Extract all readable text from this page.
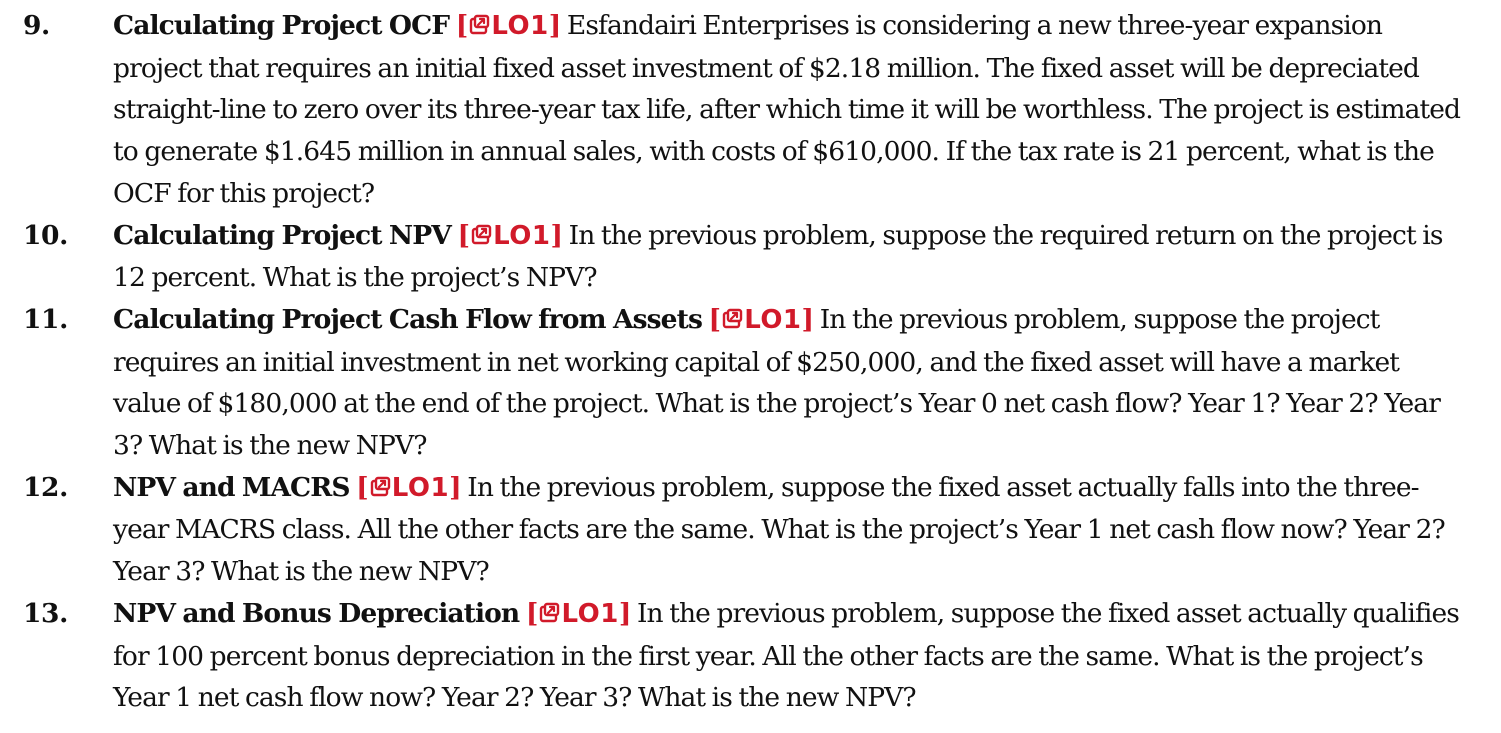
9. Calculating Project OCF [ LO1] Esfandairi Enterprises is considering a new three-year expansion project that requires an initial fixed asset investment of $2.18 million. The fixed asset will be depreciated straight-line to zero over its three-year tax life, after which time it will be worthless. The project is estimated to generate $1.645 million in annual sales, with costs of $610,000. If the tax rate is 21 percent, what is the OCF for this project?
10. Calculating Project NPV [ LO1] In the previous problem, suppose the required return on the project is 12 percent. What is the project’s NPV?
11. Calculating Project Cash Flow from Assets [ LO1] In the previous problem, suppose the project requires an initial investment in net working capital of $250,000, and the fixed asset will have a market value of $180,000 at the end of the project. What is the project’s Year 0 net cash flow? Year 1? Year 2? Year 3? What is the new NPV?
12. NPV and MACRS [ LO1] In the previous problem, suppose the fixed asset actually falls into the three-year MACRS class. All the other facts are the same. What is the project’s Year 1 net cash flow now? Year 2? Year 3? What is the new NPV?
13. NPV and Bonus Depreciation [ LO1] In the previous problem, suppose the fixed asset actually qualifies for 100 percent bonus depreciation in the first year. All the other facts are the same. What is the project’s Year 1 net cash flow now? Year 2? Year 3? What is the new NPV?
